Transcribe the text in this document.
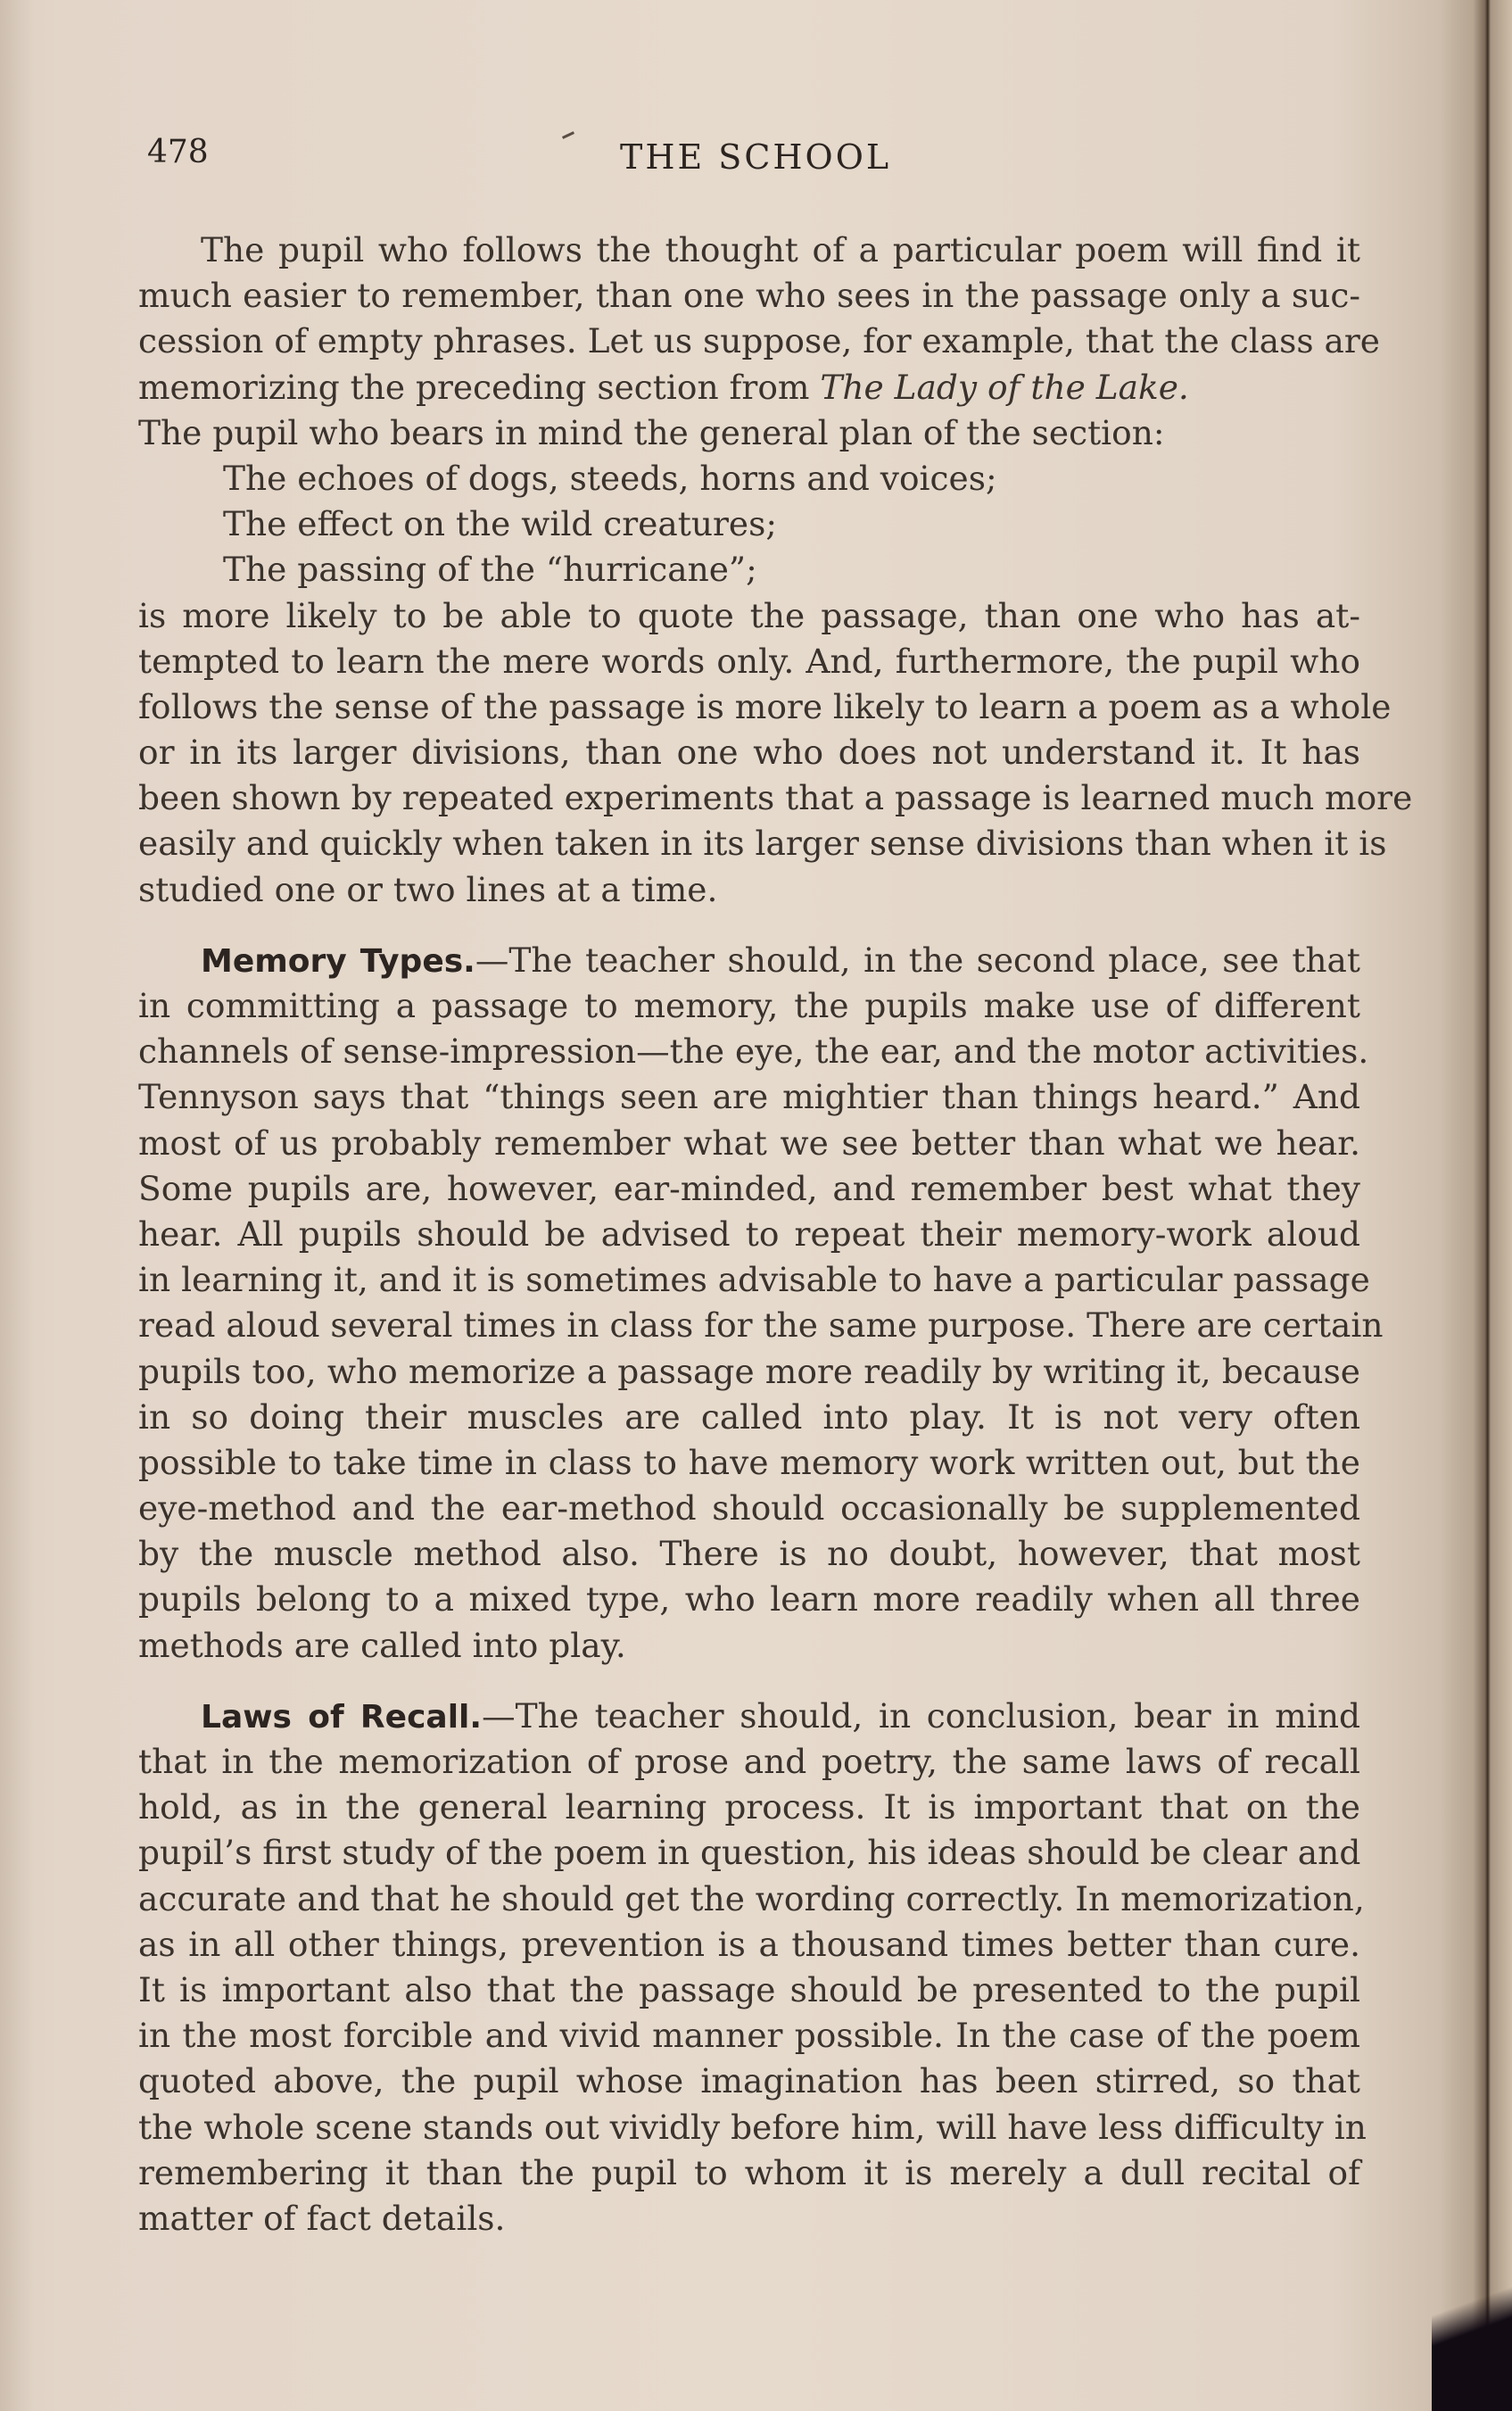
478	THE SCHOOL
The pupil who follows the thought of a particular poem will find it
much easier to remember, than one who sees in the passage only a suc-
cession of empty phrases. Let us suppose, for example, that the class are
memorizing the preceding section from The Lady of the Lake.
The pupil who bears in mind the general plan of the section:
The echoes of dogs, steeds, horns and voices;
The effect on the wild creatures;
The passing of the “hurricane”;
is more likely to be able to quote the passage, than one who has at-
tempted to learn the mere words only. And, furthermore, the pupil who
follows the sense of the passage is more likely to learn a poem as a whole
or in its larger divisions, than one who does not understand it. It has
been shown by repeated experiments that a passage is learned much more
easily and quickly when taken in its larger sense divisions than when it is
studied one or two lines at a time.
Memory Types.—The teacher should, in the second place, see that
in committing a passage to memory, the pupils make use of different
channels of sense-impression—the eye, the ear, and the motor activities.
Tennyson says that “things seen are mightier than things heard.” And
most of us probably remember what we see better than what we hear.
Some pupils are, however, ear-minded, and remember best what they
hear. All pupils should be advised to repeat their memory-work aloud
in learning it, and it is sometimes advisable to have a particular passage
read aloud several times in class for the same purpose. There are certain
pupils too, who memorize a passage more readily by writing it, because
in so doing their muscles are called into play. It is not very often
possible to take time in class to have memory work written out, but the
eye-method and the ear-method should occasionally be supplemented
by the muscle method also. There is no doubt, however, that most
pupils belong to a mixed type, who learn more readily when all three
methods are called into play.
Laws of Recall.—The teacher should, in conclusion, bear in mind
that in the memorization of prose and poetry, the same laws of recall
hold, as in the general learning process. It is important that on the
pupil’s first study of the poem in question, his ideas should be clear and
accurate and that he should get the wording correctly. In memorization,
as in all other things, prevention is a thousand times better than cure.
It is important also that the passage should be presented to the pupil
in the most forcible and vivid manner possible. In the case of the poem
quoted above, the pupil whose imagination has been stirred, so that
the whole scene stands out vividly before him, will have less difficulty in
remembering it than the pupil to whom it is merely a dull recital of
matter of fact details.
